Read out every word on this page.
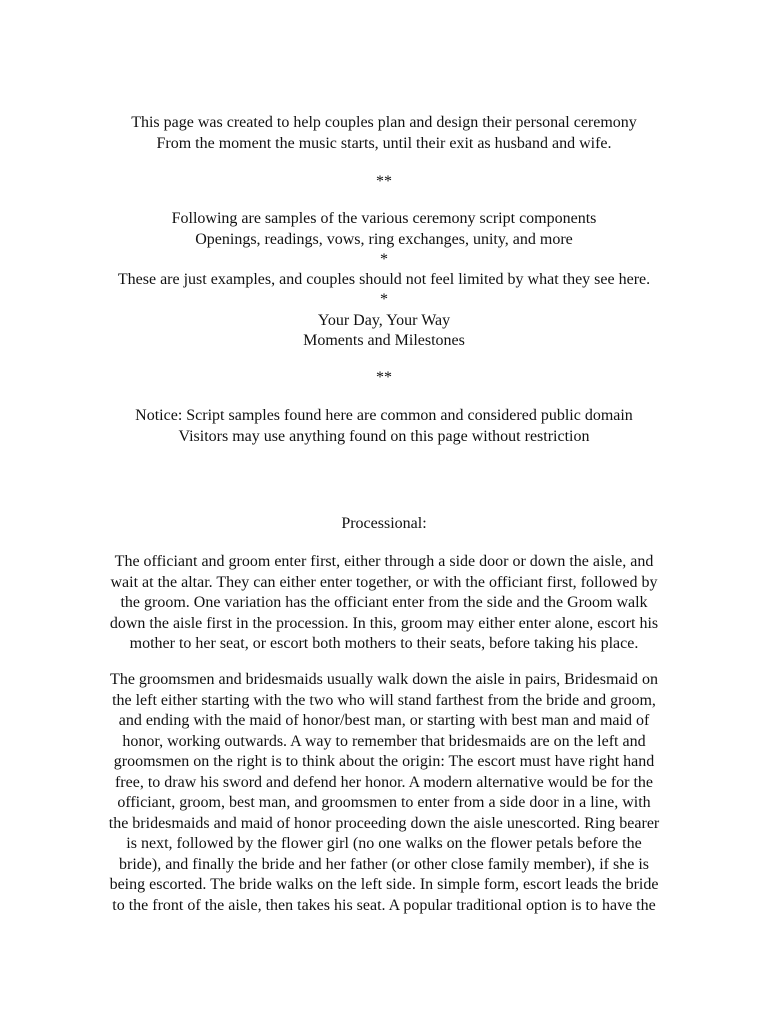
This page was created to help couples plan and design their personal ceremony
From the moment the music starts, until their exit as husband and wife.
**
Following are samples of the various ceremony script components
Openings, readings, vows, ring exchanges, unity, and more
*
These are just examples, and couples should not feel limited by what they see here.
*
Your Day, Your Way
Moments and Milestones
**
Notice: Script samples found here are common and considered public domain
Visitors may use anything found on this page without restriction
Processional:
The officiant and groom enter first, either through a side door or down the aisle, and
wait at the altar. They can either enter together, or with the officiant first, followed by
the groom. One variation has the officiant enter from the side and the Groom walk
down the aisle first in the procession. In this, groom may either enter alone, escort his
mother to her seat, or escort both mothers to their seats, before taking his place.
The groomsmen and bridesmaids usually walk down the aisle in pairs, Bridesmaid on
the left either starting with the two who will stand farthest from the bride and groom,
and ending with the maid of honor/best man, or starting with best man and maid of
honor, working outwards. A way to remember that bridesmaids are on the left and
groomsmen on the right is to think about the origin: The escort must have right hand
free, to draw his sword and defend her honor. A modern alternative would be for the
officiant, groom, best man, and groomsmen to enter from a side door in a line, with
the bridesmaids and maid of honor proceeding down the aisle unescorted. Ring bearer
is next, followed by the flower girl (no one walks on the flower petals before the
bride), and finally the bride and her father (or other close family member), if she is
being escorted. The bride walks on the left side. In simple form, escort leads the bride
to the front of the aisle, then takes his seat. A popular traditional option is to have the
